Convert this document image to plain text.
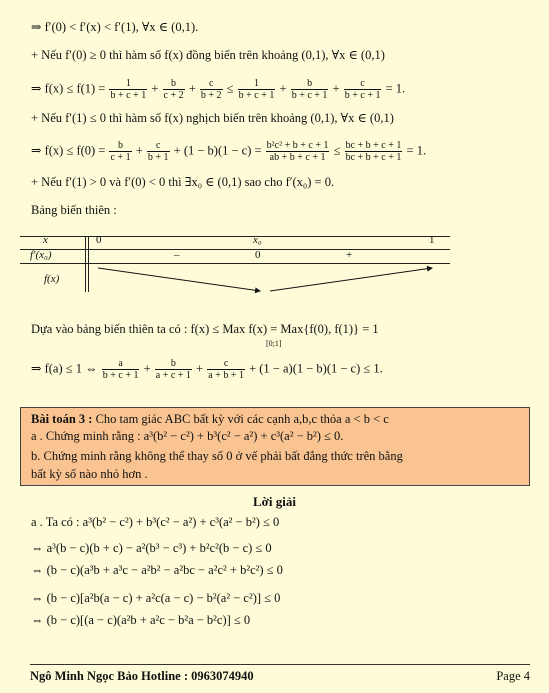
⇒ f′(0) < f′(x) < f′(1), ∀x ∈ (0,1).
+ Nếu f′(0) ≥ 0 thì hàm số f(x) đồng biến trên khoảng (0,1), ∀x ∈ (0,1)
⇒ $f(x) \le f(1) = \frac{1}{b + c + 1} + \frac{b}{c + 2} + \frac{c}{b + 2} \le \frac{1}{b + c + 1} + \frac{b}{b + c + 1} + \frac{c}{b + c + 1} = 1$.
+ Nếu f′(1) ≤ 0 thì hàm số f(x) nghịch biến trên khoảng (0,1), ∀x ∈ (0,1)
⇒ $f(x) \le f(0) = \frac{b}{c + 1} + \frac{c}{b + 1} + (1 - b)(1 - c) = \frac{\text{b²c² + b + c + 1}}{ab + b + c + 1} \le \frac{bc + b + c + 1}{bc + b + c + 1} = 1$.
+ Nếu f′(1) > 0 và f′(0) < 0 thì ∃x₀ ∈ (0,1) sao cho f′(x₀) = 0.
Bảng biến thiên :
x	0	x₀	1
f′(x₀)	–	0	+
f(x)
Dựa vào bảng biến thiên ta có : f(x) ≤ Max f(x) = Max{f(0), f(1)} = 1
[0;1]
⇒ f(a) ≤ 1 ⇔ $\frac{a}{b + c + 1} + \frac{b}{a + c + 1} + \frac{c}{a + b + 1} + (1 - a)(1 - b)(1 - c) \le 1$.
Bài toán 3 : Cho tam giác ABC bất kỳ với các cạnh a,b,c thỏa a < b < c
a . Chứng minh rằng : a³(b² − c²) + b³(c² − a²) + c³(a² − b²) ≤ 0.
b. Chứng minh rằng không thể thay số 0 ở vế phải bất đẳng thức trên bằng
bất kỳ số nào nhỏ hơn .
Lời giải
a . Ta có : a³(b² − c²) + b³(c² − a²) + c³(a² − b²) ≤ 0
⇔ a³(b − c)(b + c) − a²(b³ − c³) + b²c²(b − c) ≤ 0
⇔ (b − c)(a³b + a³c − a²b² − a²bc − a²c² + b²c²) ≤ 0
⇔ (b − c)[a²b(a − c) + a²c(a − c) − b²(a² − c²)] ≤ 0
⇔ (b − c)[(a − c)(a²b + a²c − b²a − b²c)] ≤ 0
Ngô Minh Ngọc Bảo Hotline : 0963074940	Page 4
